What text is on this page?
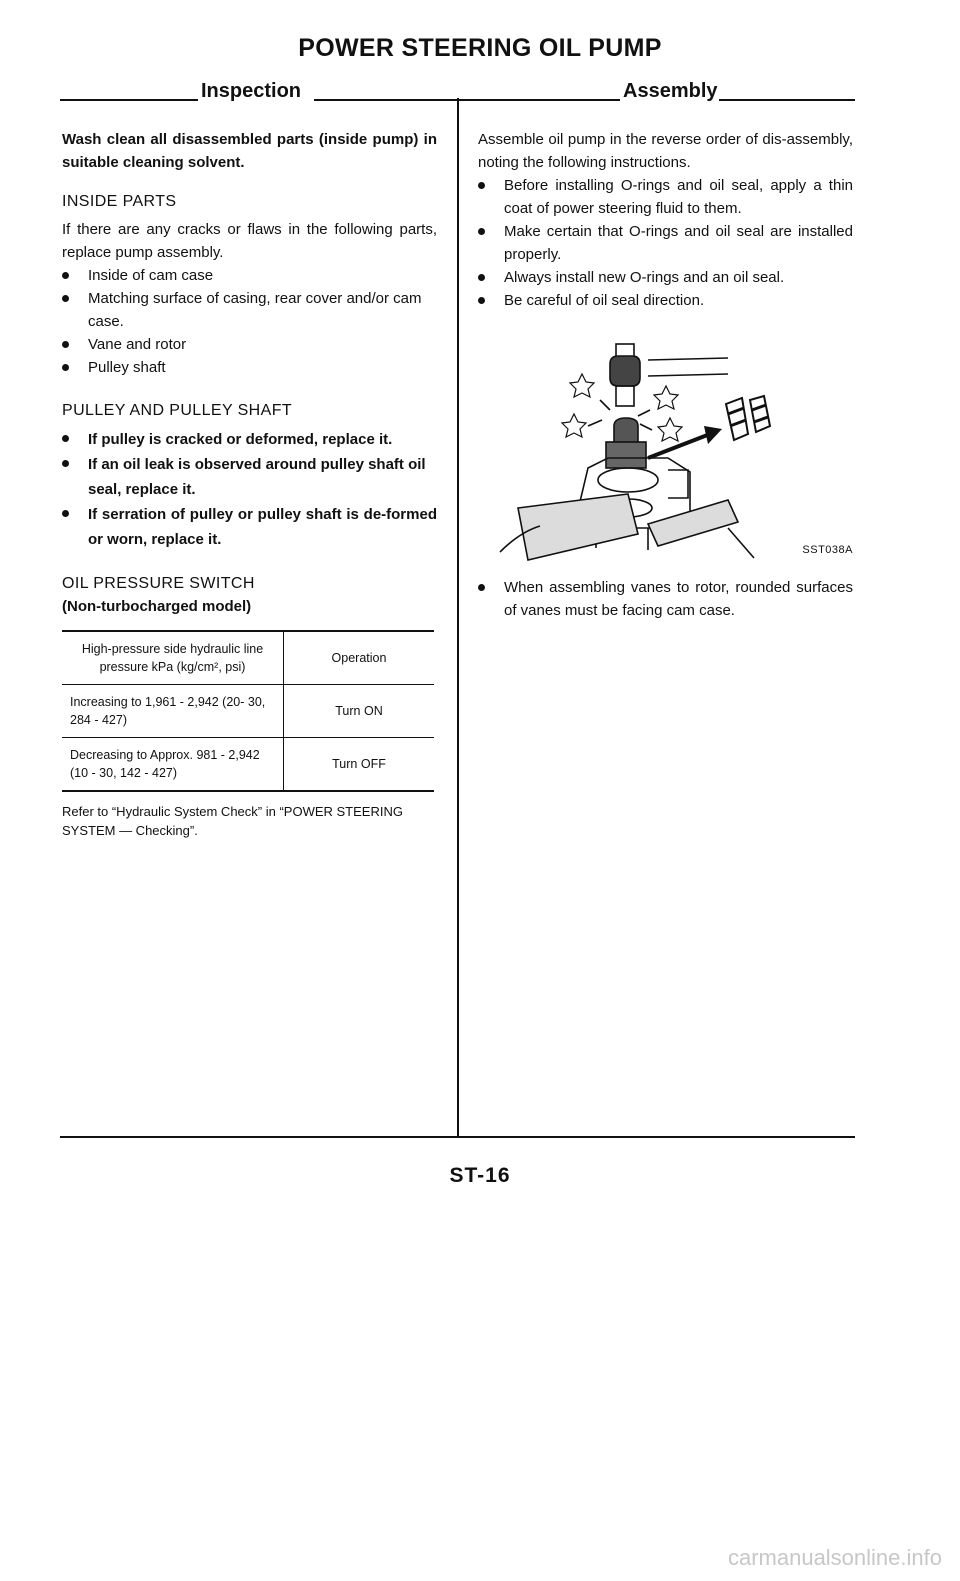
POWER STEERING OIL PUMP
Inspection	Assembly

Wash clean all disassembled parts (inside pump) in suitable cleaning solvent.

INSIDE PARTS

If there are any cracks or flaws in the following parts, replace pump assembly.

Inside of cam case
Matching surface of casing, rear cover and/or cam case.
Vane and rotor
Pulley shaft

PULLEY AND PULLEY SHAFT

If pulley is cracked or deformed, replace it.
If an oil leak is observed around pulley shaft oil seal, replace it.
If serration of pulley or pulley shaft is de-formed or worn, replace it.

OIL PRESSURE SWITCH

(Non-turbocharged model)

High-pressure side hydraulic line pressure kPa (kg/cm², psi)	Operation
Increasing to 1,961 - 2,942 (20- 30, 284 - 427)	Turn ON
Decreasing to Approx. 981 - 2,942 (10 - 30, 142 - 427)	Turn OFF

Refer to “Hydraulic System Check” in “POWER STEERING SYSTEM — Checking”.

Assemble oil pump in the reverse order of dis-assembly, noting the following instructions.

Before installing O-rings and oil seal, apply a thin coat of power steering fluid to them.
Make certain that O-rings and oil seal are installed properly.
Always install new O-rings and an oil seal.
Be careful of oil seal direction.
SST038A
When assembling vanes to rotor, rounded surfaces of vanes must be facing cam case.
ST-16
carmanualsonline.info
